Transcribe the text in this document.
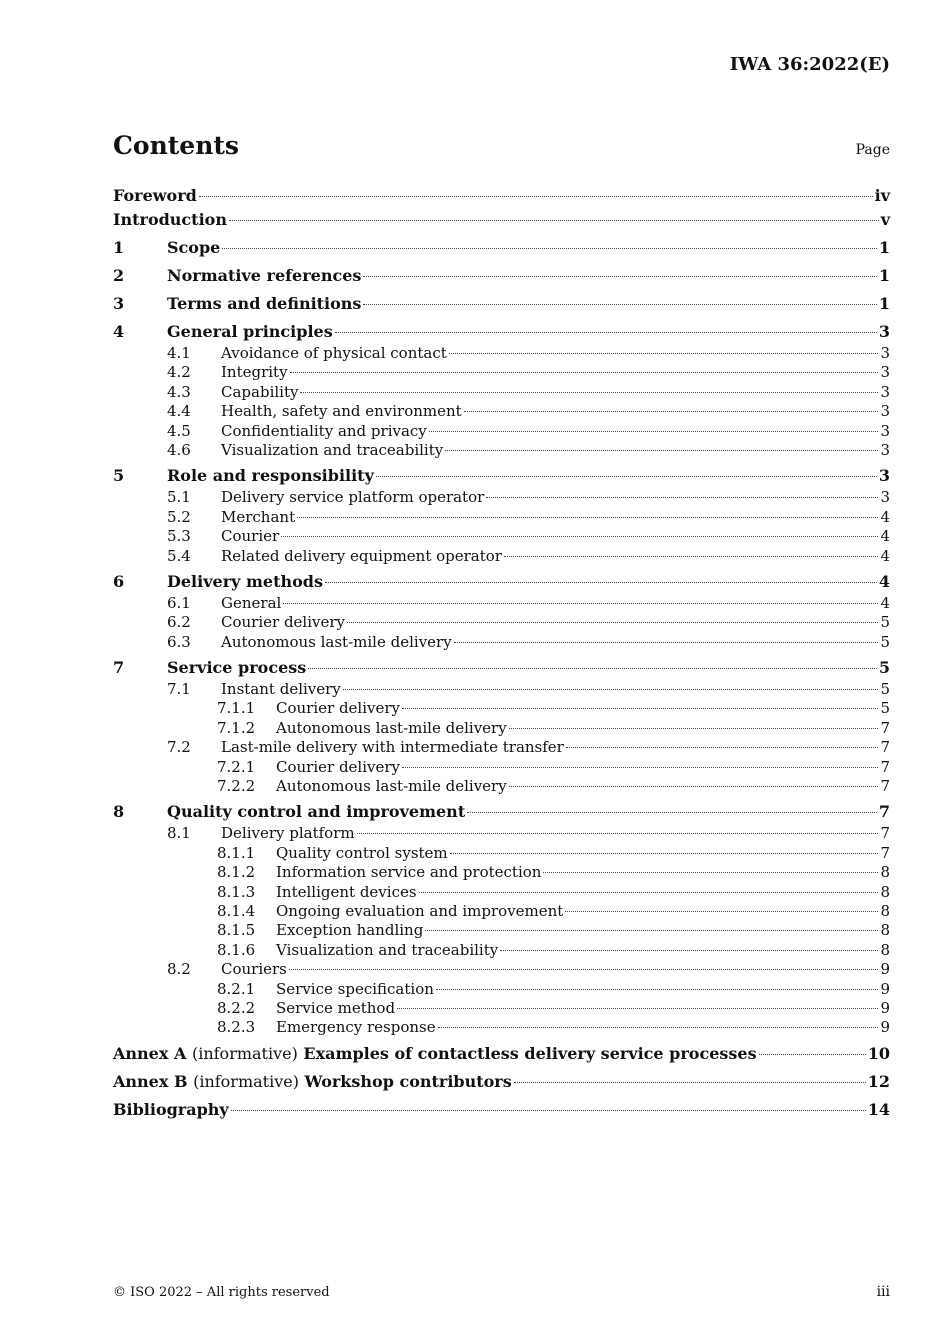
IWA 36:2022(E)
Contents	Page
Foreword	iv
Introduction	v
1	Scope	1
2	Normative references	1
3	Terms and definitions	1
4	General principles	3
4.1	Avoidance of physical contact	3
4.2	Integrity	3
4.3	Capability	3
4.4	Health, safety and environment	3
4.5	Confidentiality and privacy	3
4.6	Visualization and traceability	3
5	Role and responsibility	3
5.1	Delivery service platform operator	3
5.2	Merchant	4
5.3	Courier	4
5.4	Related delivery equipment operator	4
6	Delivery methods	4
6.1	General	4
6.2	Courier delivery	5
6.3	Autonomous last-mile delivery	5
7	Service process	5
7.1	Instant delivery	5
7.1.1	Courier delivery	5
7.1.2	Autonomous last-mile delivery	7
7.2	Last-mile delivery with intermediate transfer	7
7.2.1	Courier delivery	7
7.2.2	Autonomous last-mile delivery	7
8	Quality control and improvement	7
8.1	Delivery platform	7
8.1.1	Quality control system	7
8.1.2	Information service and protection	8
8.1.3	Intelligent devices	8
8.1.4	Ongoing evaluation and improvement	8
8.1.5	Exception handling	8
8.1.6	Visualization and traceability	8
8.2	Couriers	9
8.2.1	Service specification	9
8.2.2	Service method	9
8.2.3	Emergency response	9
Annex A (informative) Examples of contactless delivery service processes	10
Annex B (informative) Workshop contributors	12
Bibliography	14
© ISO 2022 – All rights reserved	iii
